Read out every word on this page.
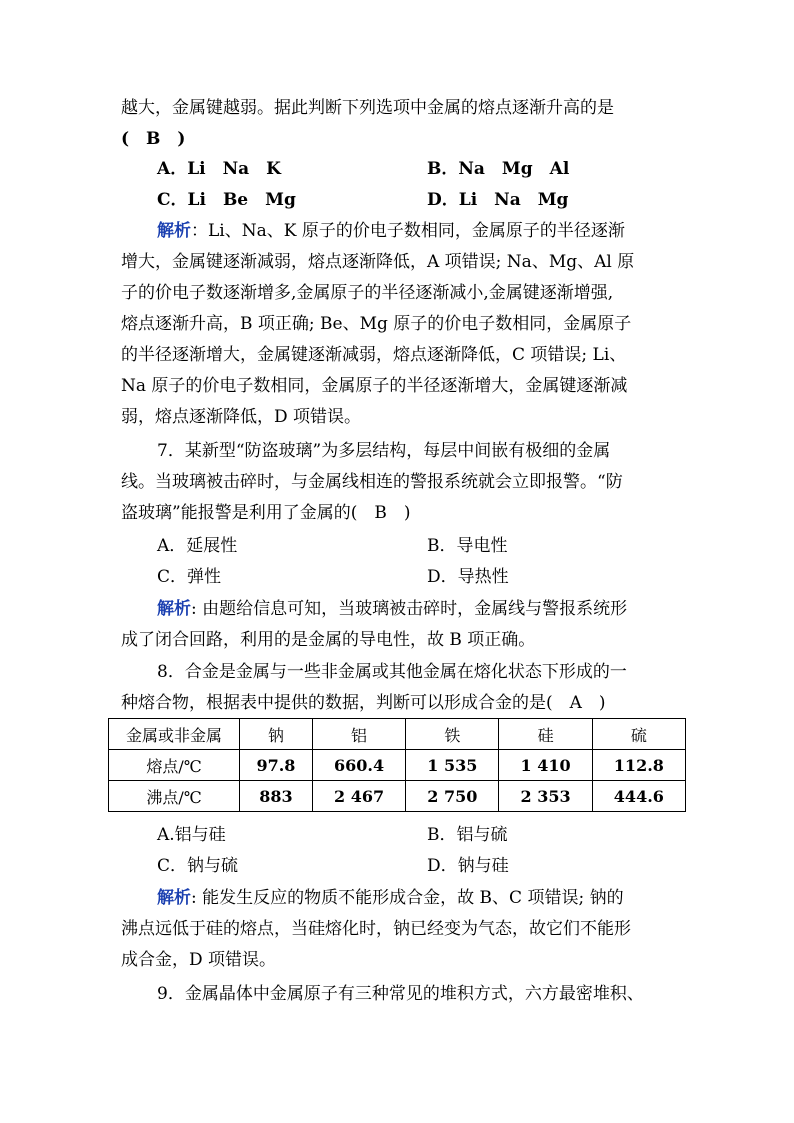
越大，金属键越弱。据此判断下列选项中金属的熔点逐渐升高的是
(　B　)
A．Li　Na　K	B．Na　Mg　Al
C．Li　Be　Mg	D．Li　Na　Mg
解析：Li、Na、K 原子的价电子数相同，金属原子的半径逐渐
增大，金属键逐渐减弱，熔点逐渐降低，A 项错误; Na、Mg、Al 原
子的价电子数逐渐增多,金属原子的半径逐渐减小,金属键逐渐增强,
熔点逐渐升高，B 项正确; Be、Mg 原子的价电子数相同，金属原子
的半径逐渐增大，金属键逐渐减弱，熔点逐渐降低，C 项错误; Li、
Na 原子的价电子数相同，金属原子的半径逐渐增大，金属键逐渐减
弱，熔点逐渐降低，D 项错误。
7．某新型“防盗玻璃”为多层结构，每层中间嵌有极细的金属
线。当玻璃被击碎时，与金属线相连的警报系统就会立即报警。“防
盗玻璃”能报警是利用了金属的(　B　)
A．延展性	B．导电性
C．弹性	D．导热性
解析: 由题给信息可知，当玻璃被击碎时，金属线与警报系统形
成了闭合回路，利用的是金属的导电性，故 B 项正确。
8．合金是金属与一些非金属或其他金属在熔化状态下形成的一
种熔合物，根据表中提供的数据，判断可以形成合金的是(　A　)
金属或非金属	钠	铝	铁	硅	硫
熔点/℃	97.8	660.4	1 535	1 410	112.8
沸点/℃	883	2 467	2 750	2 353	444.6
A.铝与硅	B．铝与硫
C．钠与硫	D．钠与硅
解析: 能发生反应的物质不能形成合金，故 B、C 项错误; 钠的
沸点远低于硅的熔点，当硅熔化时，钠已经变为气态，故它们不能形
成合金，D 项错误。
9．金属晶体中金属原子有三种常见的堆积方式，六方最密堆积、
